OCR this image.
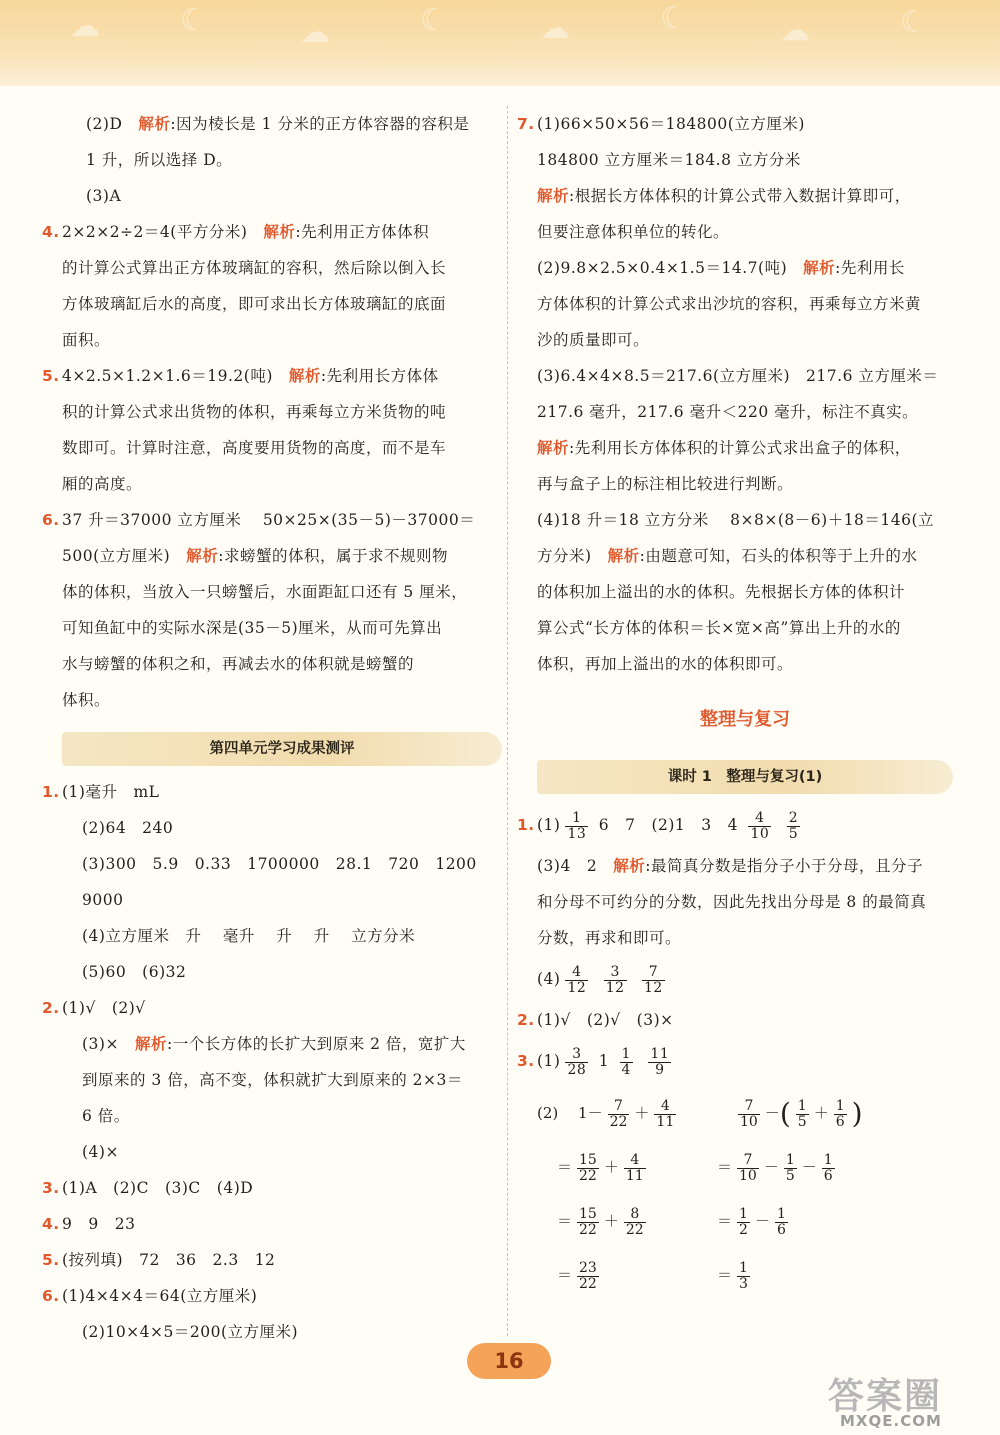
☁	☾	☁	☾	☁	☾	☁	☾

(2)D　 解析:因为棱长是 1 分米的正方体容器的容积是

1 升，所以选择 D。

(3)A

4. 2×2×2÷2＝4(平方分米)　 解析:先利用正方体体积

的计算公式算出正方体玻璃缸的容积，然后除以倒入长

方体玻璃缸后水的高度，即可求出长方体玻璃缸的底面

面积。

5. 4×2.5×1.2×1.6＝19.2(吨)　 解析:先利用长方体体

积的计算公式求出货物的体积，再乘每立方米货物的吨

数即可。计算时注意，高度要用货物的高度，而不是车

厢的高度。

6. 37 升＝37000 立方厘米　 50×25×(35－5)－37000＝

500(立方厘米)　 解析:求螃蟹的体积，属于求不规则物

体的体积，当放入一只螃蟹后，水面距缸口还有 5 厘米，

可知鱼缸中的实际水深是(35－5)厘米，从而可先算出

水与螃蟹的体积之和，再减去水的体积就是螃蟹的

体积。

第四单元学习成果测评

1. (1)毫升　mL

(2)64　240

(3)300　5.9　0.33　1700000　28.1　720　1200

9000

(4)立方厘米　升　 毫升　 升　 升　 立方分米

(5)60　(6)32

2. (1)√　(2)√

(3)×　 解析:一个长方体的长扩大到原来 2 倍，宽扩大

到原来的 3 倍，高不变，体积就扩大到原来的 2×3＝

6 倍。

(4)×

3. (1)A　(2)C　(3)C　(4)D

4. 9　9　23

5. (按列填)　72　36　2.3　12

6. (1)4×4×4＝64(立方厘米)

(2)10×4×5＝200(立方厘米)

7. (1)66×50×56＝184800(立方厘米)

184800 立方厘米＝184.8 立方分米

解析:根据长方体体积的计算公式带入数据计算即可，

但要注意体积单位的转化。

(2)9.8×2.5×0.4×1.5＝14.7(吨)　 解析:先利用长

方体体积的计算公式求出沙坑的容积，再乘每立方米黄

沙的质量即可。

(3)6.4×4×8.5＝217.6(立方厘米)　217.6 立方厘米＝

217.6 毫升，217.6 毫升＜220 毫升，标注不真实。

解析:先利用长方体体积的计算公式求出盒子的体积，

再与盒子上的标注相比较进行判断。

(4)18 升＝18 立方分米　 8×8×(8－6)＋18＝146(立

方分米)　 解析:由题意可知，石头的体积等于上升的水

的体积加上溢出的水的体积。先根据长方体的体积计

算公式“长方体的体积＝长×宽×高”算出上升的水的

体积，再加上溢出的水的体积即可。

整理与复习
课时 1　整理与复习(1)

1. $(1) \frac{1}{13} 6$　7　(2)1　3　$4 \frac{4}{10}$
$\frac{2}{5}$

(3)4　2　 解析:最简真分数是指分子小于分母，且分子

和分母不可约分的分数，因此先找出分母是 8 的最简真

分数，再求和即可。

$(4) \frac{4}{12}$
$\frac{3}{12}$
$\frac{7}{12}$

2. (1)√　(2)√　(3)×

3. $(1) \frac{3}{28} 1 \frac{1}{4}$
$\frac{11}{9}$

(2)　 $1- \frac{7}{22} + \frac{4}{11}$	$\frac{7}{10}$ －( $\frac{1}{5} + \frac{1}{6}$ )
＝ $\frac{15}{22} + \frac{4}{11}$	＝ $\frac{7}{10} - \frac{1}{5} - \frac{1}{6}$
＝ $\frac{15}{22} + \frac{8}{22}$	＝ $\frac{1}{2} - \frac{1}{6}$
＝ $\frac{23}{22}$	＝ $\frac{1}{3}$
16
答案圈
MXQE.COM
